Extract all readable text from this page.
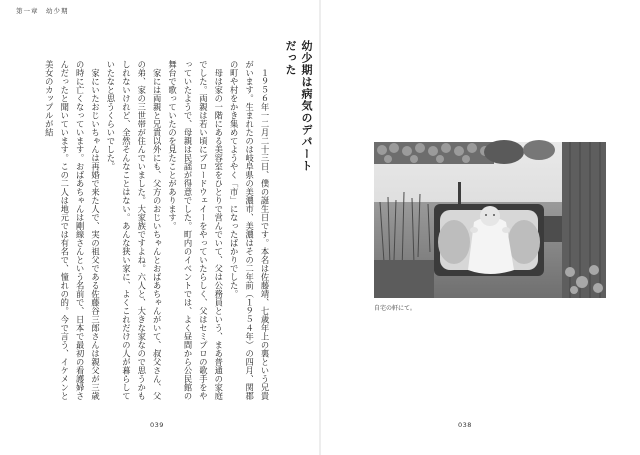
第一章　幼少期
幼少期は病気のデパートだった

　１９５６年一二月二十三日、僕の誕生日です。本名は佐藤靖、七歳年上の裏という兄貴がいます。生まれたのは岐阜県の美濃市、美濃はその二年前（１９５４年）の四月、関郡の町や村をかき集めてようやく「市」になったばかりでした。

　母は家の一階にある美容室をひとりで営んでいて、父は公務員という、まあ普通の家庭でした。両親は若い頃にブロードウェイーをやっていたらしく、父はセミプロの歌手をやっていたようで、母親は民謡が得意でした。町内のイベントでは、よく昼間から公民館の舞台で歌っていたのを見たことがあります。

　家には両親と兄貴以外にも、父方のおじいちゃんとおばあちゃんがいて、叔父さん、父の弟、家の三世帯が住んでいました。大家族ですよね。六人と、大きな家なので思うかもしれないけれど、全然そんなことはない。あんな狭い家に、よくこれだけの人が暮らしていたなと思うくらいでした。

　家にいたおじいちゃんは再婚で来た人で、実の祖父である佐藤谷三郎さんは親父が三歳の時に亡くなっています。おばあちゃんは剛線さんという名前で、日本で最初の看護婦さんだったと聞いています。この二人は地元では有名で、憧れの的。今で言う、イケメンと美女のカップルが結

039
自宅の軒にて。
038
